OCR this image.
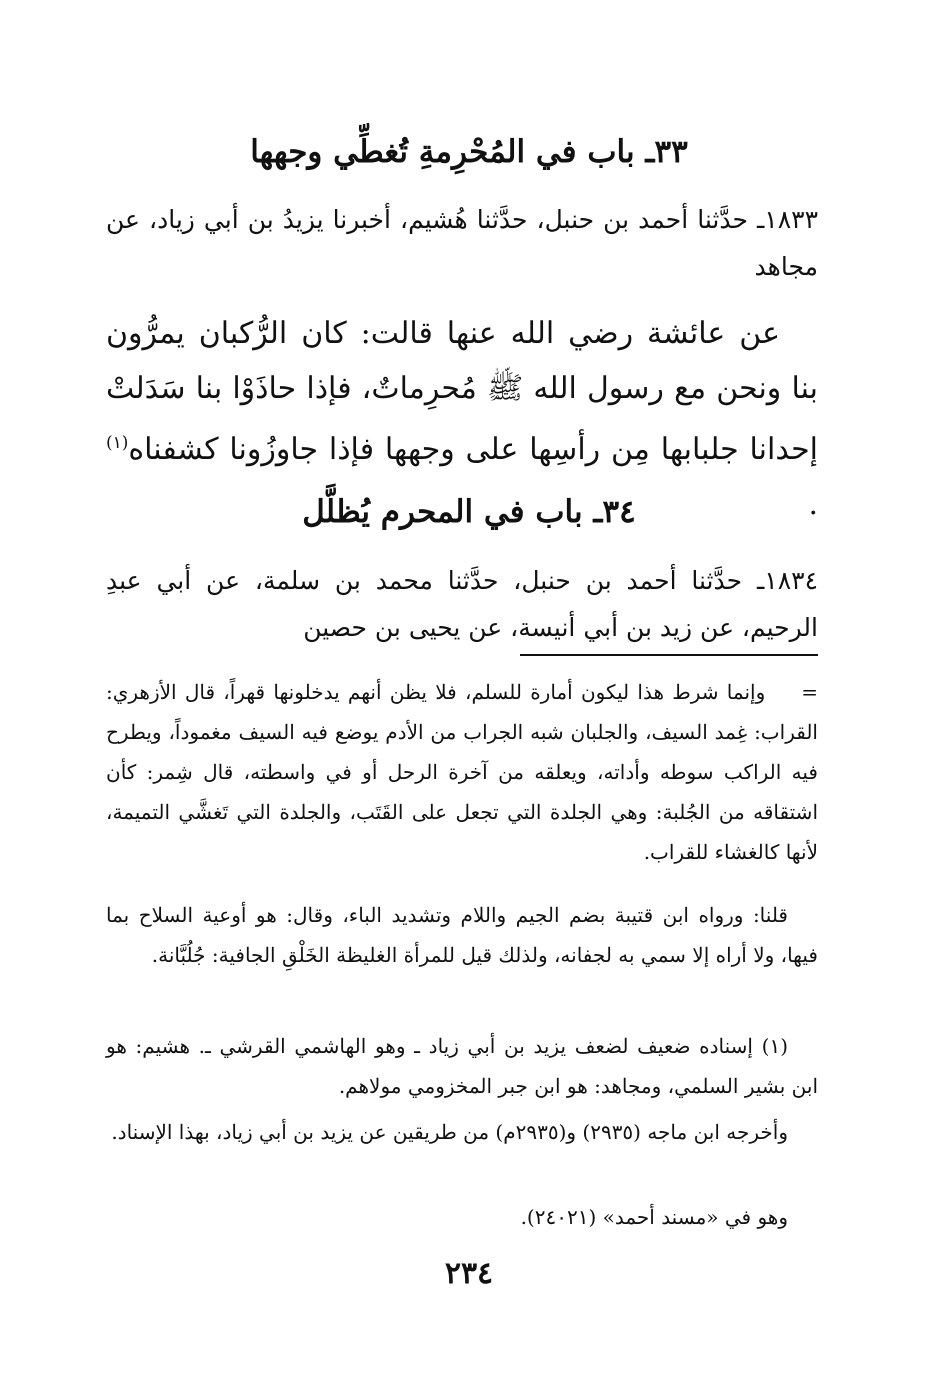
٣٣ـ باب في المُحْرِمةِ تُغطِّي وجهها
١٨٣٣ـ حدَّثنا أحمد بن حنبل، حدَّثنا هُشيم، أخبرنا يزيدُ بن أبي زياد، عن مجاهد
عن عائشة رضي الله عنها قالت: كان الرُّكبان يمرُّون بنا ونحن مع رسول الله ﷺ مُحرِماتٌ، فإذا حاذَوْا بنا سَدَلتْ إحدانا جلبابها مِن رأسِها على وجهها فإذا جاوزُونا كشفناه$^{(١)}$ .
٣٤ـ باب في المحرم يُظلَّل
١٨٣٤ـ حدَّثنا أحمد بن حنبل، حدَّثنا محمد بن سلمة، عن أبي عبدِ الرحيم، عن زيد بن أبي أنيسة، عن يحيى بن حصين
=وإنما شرط هذا ليكون أمارة للسلم، فلا يظن أنهم يدخلونها قهراً، قال الأزهري: القراب: غِمد السيف، والجلبان شبه الجراب من الأدم يوضع فيه السيف مغموداً، ويطرح فيه الراكب سوطه وأداته، ويعلقه من آخرة الرحل أو في واسطته، قال شِمر: كأن اشتقاقه من الجُلبة: وهي الجلدة التي تجعل على القَتَب، والجلدة التي تَغشَّي التميمة، لأنها كالغشاء للقراب.
قلنا: ورواه ابن قتيبة بضم الجيم واللام وتشديد الباء، وقال: هو أوعية السلاح بما فيها، ولا أراه إلا سمي به لجفانه، ولذلك قيل للمرأة الغليظة الخَلْقِ الجافية: جُلُبَّانة.
(١) إسناده ضعيف لضعف يزيد بن أبي زياد ـ وهو الهاشمي القرشي ـ. هشيم: هو ابن بشير السلمي، ومجاهد: هو ابن جبر المخزومي مولاهم.
وأخرجه ابن ماجه (٢٩٣٥) و(٢٩٣٥م) من طريقين عن يزيد بن أبي زياد، بهذا الإسناد.
وهو في «مسند أحمد» (٢٤٠٢١).
٢٣٤
